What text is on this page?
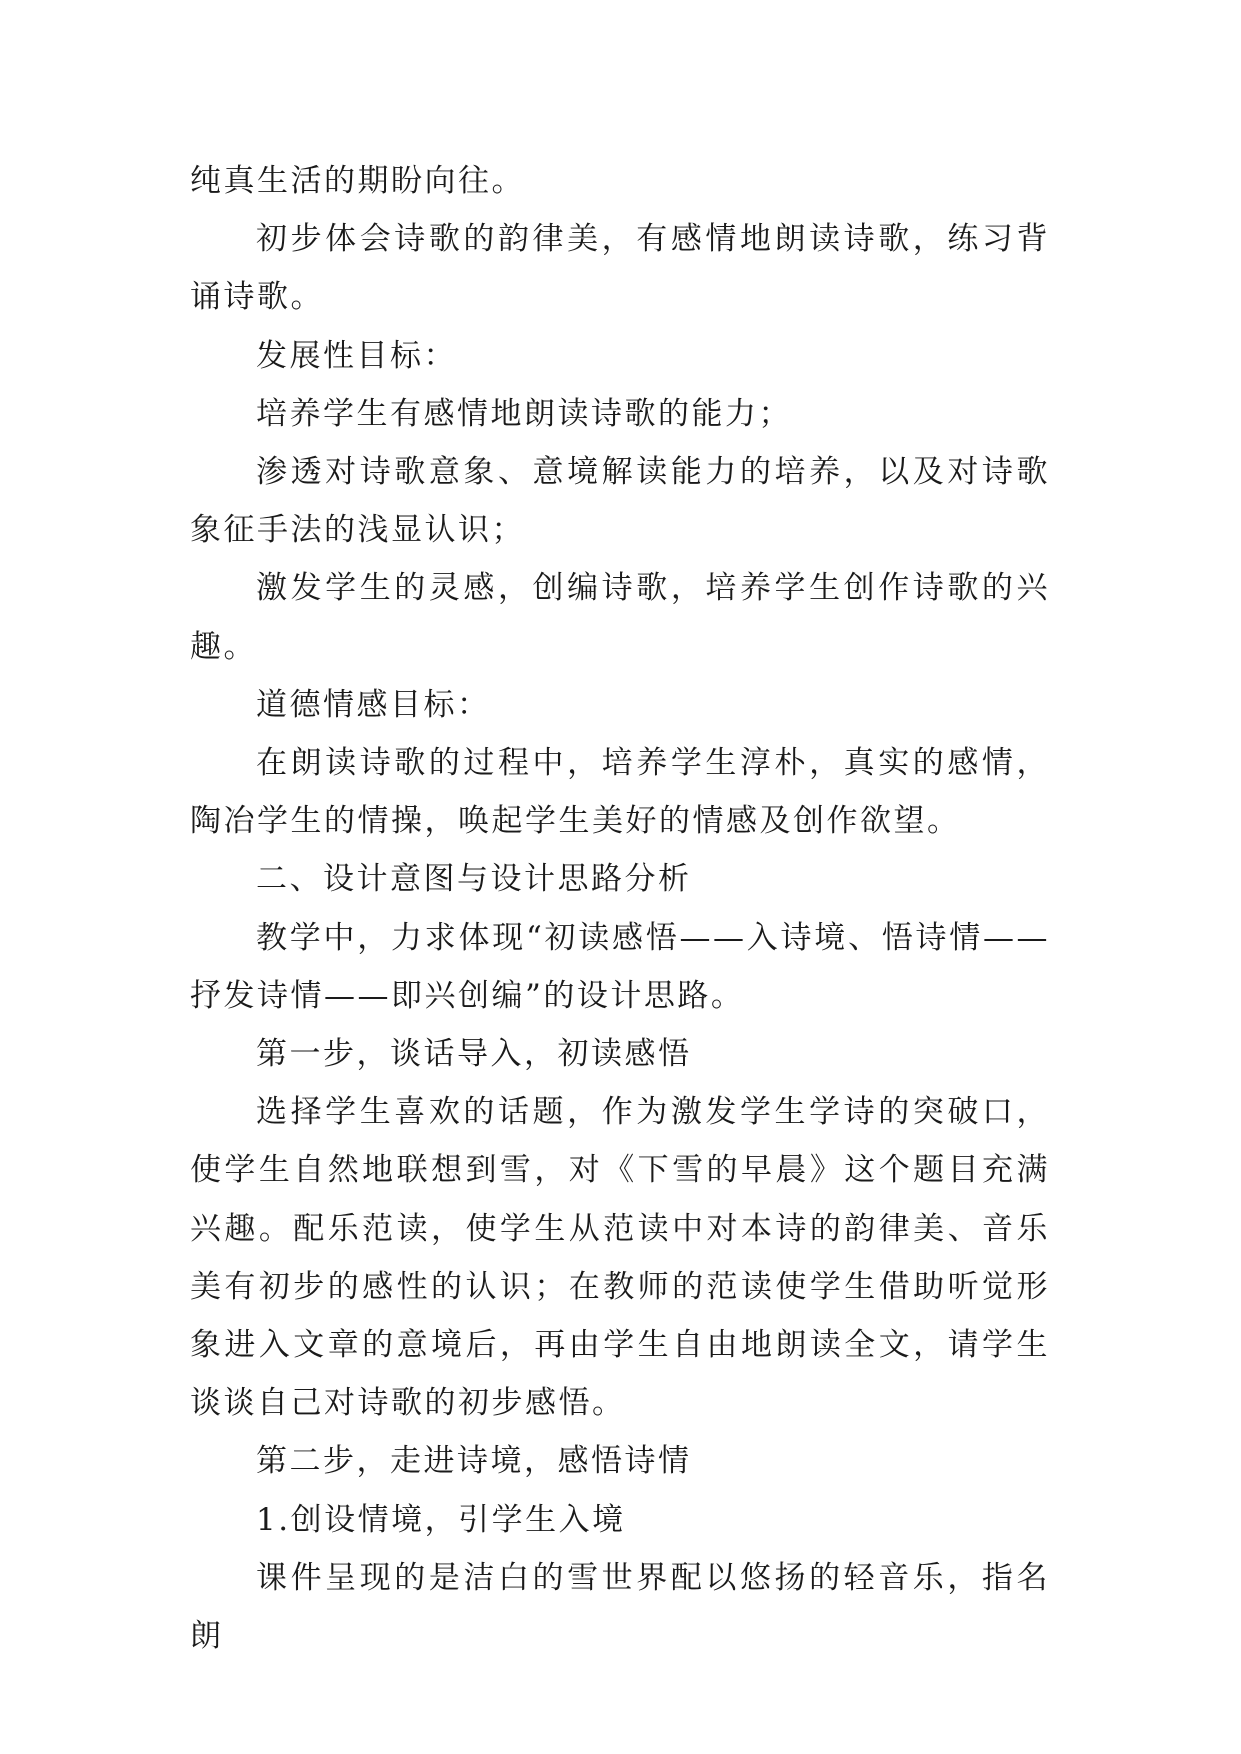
纯真生活的期盼向往。

初步体会诗歌的韵律美，有感情地朗读诗歌，练习背诵诗歌。

发展性目标：

培养学生有感情地朗读诗歌的能力；

渗透对诗歌意象、意境解读能力的培养，以及对诗歌象征手法的浅显认识；

激发学生的灵感，创编诗歌，培养学生创作诗歌的兴趣。

道德情感目标：

在朗读诗歌的过程中，培养学生淳朴，真实的感情，陶冶学生的情操，唤起学生美好的情感及创作欲望。

二、设计意图与设计思路分析

教学中，力求体现“初读感悟——入诗境、悟诗情——抒发诗情——即兴创编”的设计思路。

第一步，谈话导入，初读感悟

选择学生喜欢的话题，作为激发学生学诗的突破口，使学生自然地联想到雪，对《下雪的早晨》这个题目充满兴趣。配乐范读，使学生从范读中对本诗的韵律美、音乐美有初步的感性的认识；在教师的范读使学生借助听觉形象进入文章的意境后，再由学生自由地朗读全文，请学生谈谈自己对诗歌的初步感悟。

第二步，走进诗境，感悟诗情

1.创设情境，引学生入境

课件呈现的是洁白的雪世界配以悠扬的轻音乐，指名朗
